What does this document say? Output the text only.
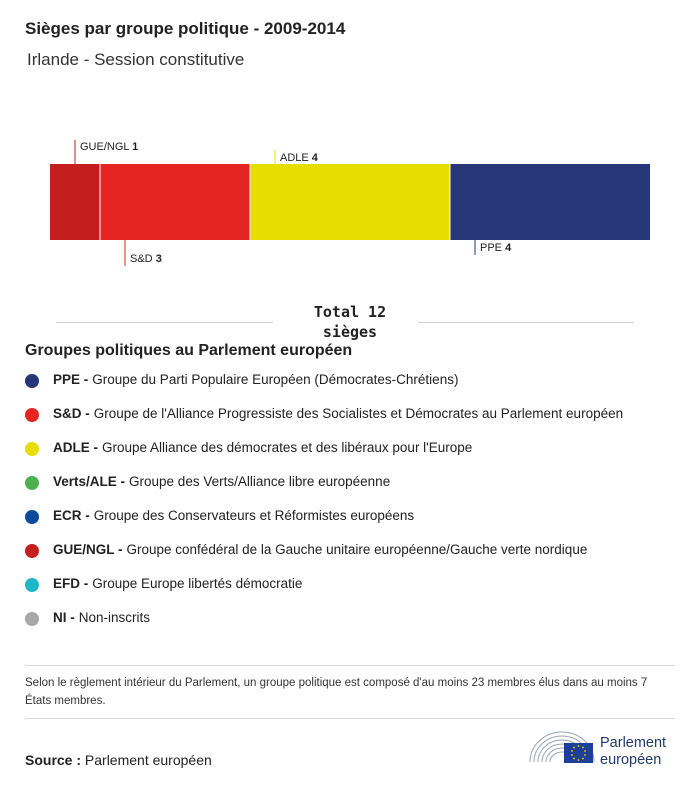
Sièges par groupe politique - 2009-2014
Irlande - Session constitutive
GUE/NGL 1
S&D 3
ADLE 4
PPE 4
Total 12 sièges
Groupes politiques au Parlement européen
PPE - Groupe du Parti Populaire Européen (Démocrates-Chrétiens)
S&D - Groupe de l'Alliance Progressiste des Socialistes et Démocrates au Parlement européen
ADLE - Groupe Alliance des démocrates et des libéraux pour l'Europe
Verts/ALE - Groupe des Verts/Alliance libre européenne
ECR - Groupe des Conservateurs et Réformistes européens
GUE/NGL - Groupe confédéral de la Gauche unitaire européenne/Gauche verte nordique
EFD - Groupe Europe libertés démocratie
NI - Non-inscrits
Selon le règlement intérieur du Parlement, un groupe politique est composé d'au moins 23 membres élus dans au moins 7 États membres.
Source : Parlement européen
Parlement
européen
